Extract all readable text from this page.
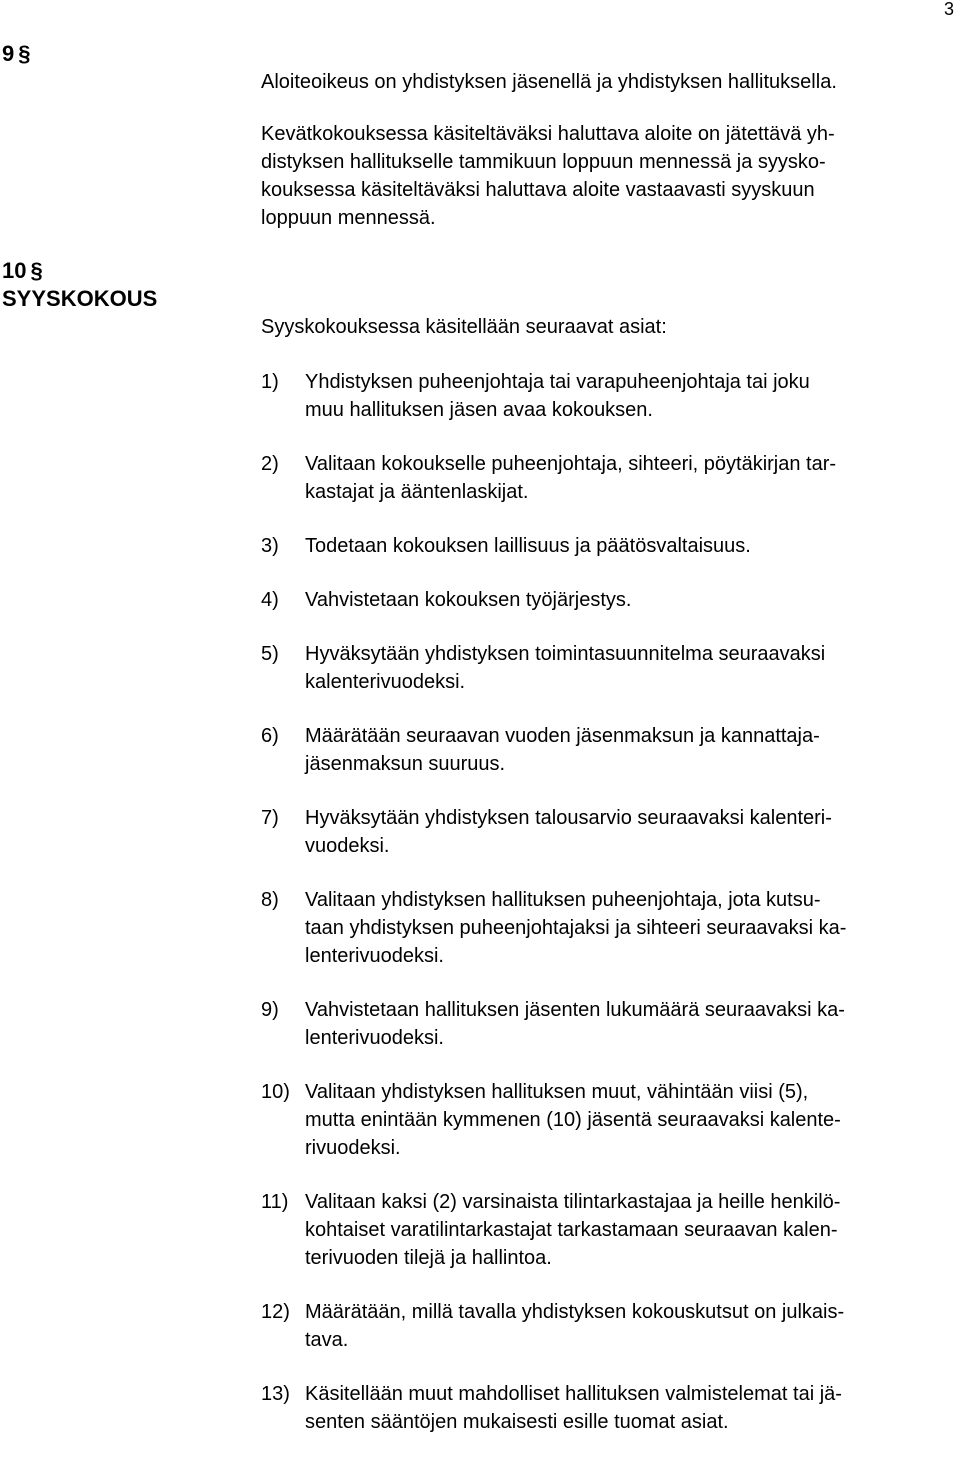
3
9 §

Aloiteoikeus on yhdistyksen jäsenellä ja yhdistyksen hallituksella.

Kevätkokouksessa käsiteltäväksi haluttava aloite on jätettävä yh-
distyksen hallitukselle tammikuun loppuun mennessä ja syysko-
kouksessa käsiteltäväksi haluttava aloite vastaavasti syyskuun
loppuun mennessä.

10 §
SYYSKOKOUS

Syyskokouksessa käsitellään seuraavat asiat:

1)	Yhdistyksen puheenjohtaja tai varapuheenjohtaja tai joku
muu hallituksen jäsen avaa kokouksen.
2)	Valitaan kokoukselle puheenjohtaja, sihteeri, pöytäkirjan tar-
kastajat ja ääntenlaskijat.
3)	Todetaan kokouksen laillisuus ja päätösvaltaisuus.
4)	Vahvistetaan kokouksen työjärjestys.
5)	Hyväksytään yhdistyksen toimintasuunnitelma seuraavaksi
kalenterivuodeksi.
6)	Määrätään seuraavan vuoden jäsenmaksun ja kannattaja-
jäsenmaksun suuruus.
7)	Hyväksytään yhdistyksen talousarvio seuraavaksi kalenteri-
vuodeksi.
8)	Valitaan yhdistyksen hallituksen puheenjohtaja, jota kutsu-
taan yhdistyksen puheenjohtajaksi ja sihteeri seuraavaksi ka-
lenterivuodeksi.
9)	Vahvistetaan hallituksen jäsenten lukumäärä seuraavaksi ka-
lenterivuodeksi.
10) Valitaan yhdistyksen hallituksen muut, vähintään viisi (5),
mutta enintään kymmenen (10) jäsentä seuraavaksi kalente-
rivuodeksi.
11) Valitaan kaksi (2) varsinaista tilintarkastajaa ja heille henkilö-
kohtaiset varatilintarkastajat tarkastamaan seuraavan kalen-
terivuoden tilejä ja hallintoa.
12) Määrätään, millä tavalla yhdistyksen kokouskutsut on julkais-
tava.
13) Käsitellään muut mahdolliset hallituksen valmistelemat tai jä-
senten sääntöjen mukaisesti esille tuomat asiat.
